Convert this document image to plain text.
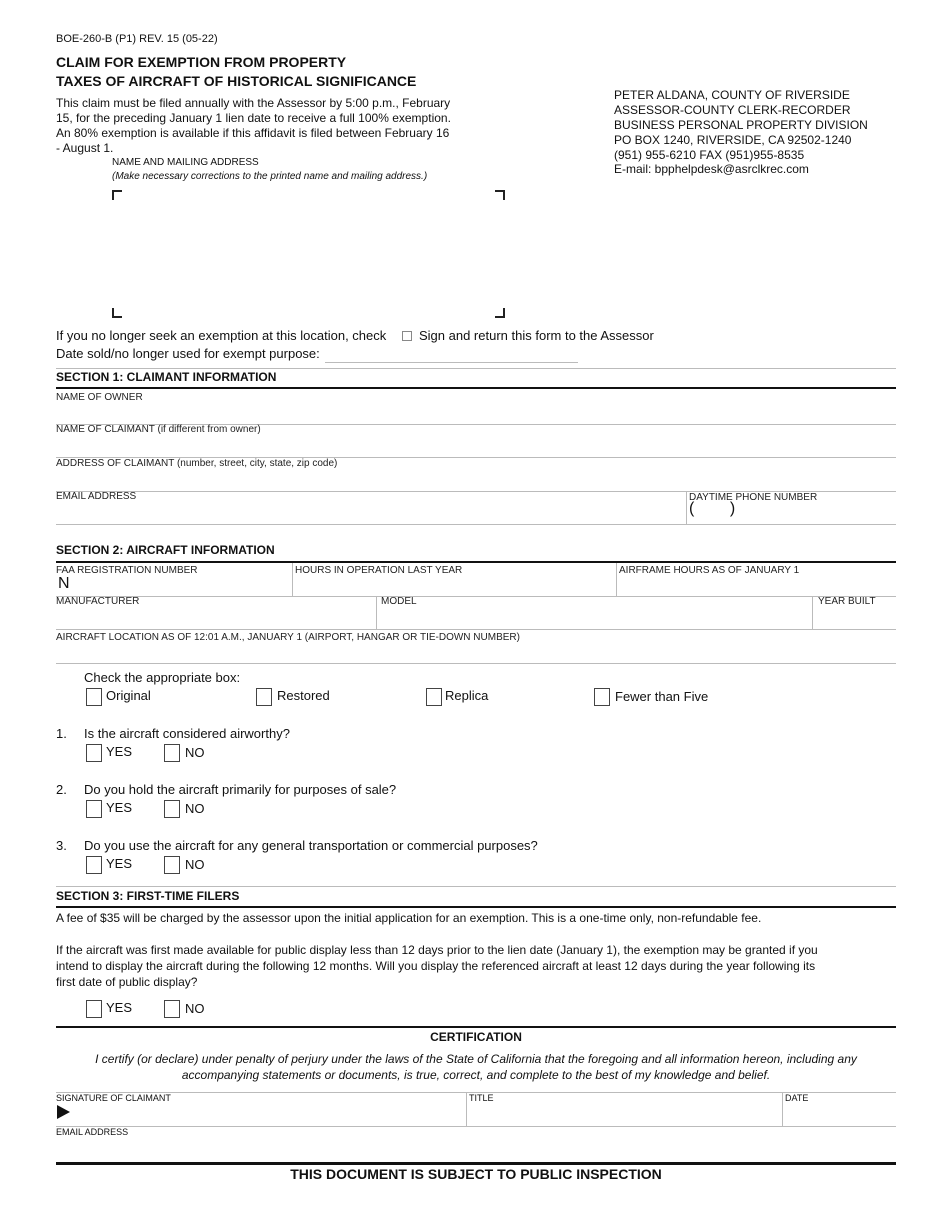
BOE-260-B (P1) REV. 15 (05-22)
CLAIM FOR EXEMPTION FROM PROPERTY
TAXES OF AIRCRAFT OF HISTORICAL SIGNIFICANCE
This claim must be filed annually with the Assessor by 5:00 p.m., February
15, for the preceding January 1 lien date to receive a full 100% exemption.
An 80% exemption is available if this affidavit is filed between February 16
- August 1.
NAME AND MAILING ADDRESS
(Make necessary corrections to the printed name and mailing address.)
PETER ALDANA, COUNTY OF RIVERSIDE
ASSESSOR-COUNTY CLERK-RECORDER
BUSINESS PERSONAL PROPERTY DIVISION
PO BOX 1240, RIVERSIDE, CA 92502-1240
(951) 955-6210 FAX (951)955-8535
E-mail: bpphelpdesk@asrclkrec.com
If you no longer seek an exemption at this location, check	Sign and return this form to the Assessor
Date sold/no longer used for exempt purpose:
SECTION 1: CLAIMANT INFORMATION
NAME OF OWNER
NAME OF CLAIMANT (if different from owner)
ADDRESS OF CLAIMANT (number, street, city, state, zip code)
EMAIL ADDRESS	DAYTIME PHONE NUMBER
(        )
SECTION 2: AIRCRAFT INFORMATION
FAA REGISTRATION NUMBER
N
HOURS IN OPERATION LAST YEAR	AIRFRAME HOURS AS OF JANUARY 1
MANUFACTURER	MODEL	YEAR BUILT
AIRCRAFT LOCATION AS OF 12:01 A.M., JANUARY 1 (AIRPORT, HANGAR OR TIE-DOWN NUMBER)
Check the appropriate box:
Original	Restored	Replica	Fewer than Five
1. Is the aircraft considered airworthy?
YES	NO
2. Do you hold the aircraft primarily for purposes of sale?
YES	NO
3. Do you use the aircraft for any general transportation or commercial purposes?
YES	NO
SECTION 3: FIRST-TIME FILERS
A fee of $35 will be charged by the assessor upon the initial application for an exemption. This is a one-time only, non-refundable fee.
If the aircraft was first made available for public display less than 12 days prior to the lien date (January 1), the exemption may be granted if you
intend to display the aircraft during the following 12 months. Will you display the referenced aircraft at least 12 days during the year following its
first date of public display?
YES	NO
CERTIFICATION
I certify (or declare) under penalty of perjury under the laws of the State of California that the foregoing and all information hereon, including any
accompanying statements or documents, is true, correct, and complete to the best of my knowledge and belief.
SIGNATURE OF CLAIMANT	TITLE	DATE
EMAIL ADDRESS
THIS DOCUMENT IS SUBJECT TO PUBLIC INSPECTION
